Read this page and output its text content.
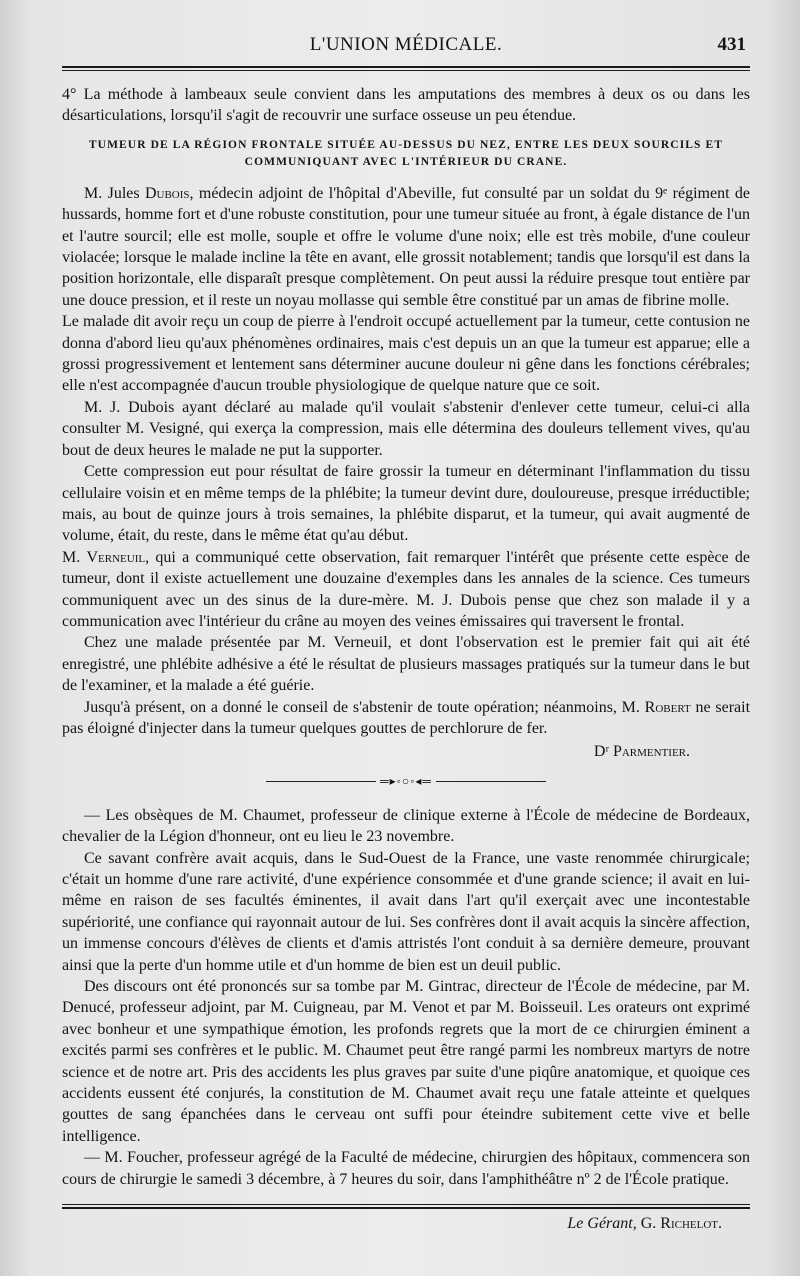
L'UNION MÉDICALE.	431

4° La méthode à lambeaux seule convient dans les amputations des membres à deux os ou dans les désarticulations, lorsqu'il s'agit de recouvrir une surface osseuse un peu étendue.

TUMEUR DE LA RÉGION FRONTALE SITUÉE AU-DESSUS DU NEZ, ENTRE LES DEUX SOURCILS ET COMMUNIQUANT AVEC L'INTÉRIEUR DU CRANE.

M. Jules Dubois, médecin adjoint de l'hôpital d'Abeville, fut consulté par un soldat du 9ᵉ régiment de hussards, homme fort et d'une robuste constitution, pour une tumeur située au front, à égale distance de l'un et l'autre sourcil; elle est molle, souple et offre le volume d'une noix; elle est très mobile, d'une couleur violacée; lorsque le malade incline la tête en avant, elle grossit notablement; tandis que lorsqu'il est dans la position horizontale, elle disparaît presque complètement. On peut aussi la réduire presque tout entière par une douce pression, et il reste un noyau mollasse qui semble être constitué par un amas de fibrine molle.

Le malade dit avoir reçu un coup de pierre à l'endroit occupé actuellement par la tumeur, cette contusion ne donna d'abord lieu qu'aux phénomènes ordinaires, mais c'est depuis un an que la tumeur est apparue; elle a grossi progressivement et lentement sans déterminer aucune douleur ni gêne dans les fonctions cérébrales; elle n'est accompagnée d'aucun trouble physiologique de quelque nature que ce soit.

M. J. Dubois ayant déclaré au malade qu'il voulait s'abstenir d'enlever cette tumeur, celui-ci alla consulter M. Vesigné, qui exerça la compression, mais elle détermina des douleurs tellement vives, qu'au bout de deux heures le malade ne put la supporter.

Cette compression eut pour résultat de faire grossir la tumeur en déterminant l'inflammation du tissu cellulaire voisin et en même temps de la phlébite; la tumeur devint dure, douloureuse, presque irréductible; mais, au bout de quinze jours à trois semaines, la phlébite disparut, et la tumeur, qui avait augmenté de volume, était, du reste, dans le même état qu'au début.

M. Verneuil, qui a communiqué cette observation, fait remarquer l'intérêt que présente cette espèce de tumeur, dont il existe actuellement une douzaine d'exemples dans les annales de la science. Ces tumeurs communiquent avec un des sinus de la dure-mère. M. J. Dubois pense que chez son malade il y a communication avec l'intérieur du crâne au moyen des veines émissaires qui traversent le frontal.

Chez une malade présentée par M. Verneuil, et dont l'observation est le premier fait qui ait été enregistré, une phlébite adhésive a été le résultat de plusieurs massages pratiqués sur la tumeur dans le but de l'examiner, et la malade a été guérie.

Jusqu'à présent, on a donné le conseil de s'abstenir de toute opération; néanmoins, M. Robert ne serait pas éloigné d'injecter dans la tumeur quelques gouttes de perchlorure de fer.

Dʳ Parmentier.
═▸◦○◦◂═

— Les obsèques de M. Chaumet, professeur de clinique externe à l'École de médecine de Bordeaux, chevalier de la Légion d'honneur, ont eu lieu le 23 novembre.

Ce savant confrère avait acquis, dans le Sud-Ouest de la France, une vaste renommée chirurgicale; c'était un homme d'une rare activité, d'une expérience consommée et d'une grande science; il avait en lui-même en raison de ses facultés éminentes, il avait dans l'art qu'il exerçait avec une incontestable supériorité, une confiance qui rayonnait autour de lui. Ses confrères dont il avait acquis la sincère affection, un immense concours d'élèves de clients et d'amis attristés l'ont conduit à sa dernière demeure, prouvant ainsi que la perte d'un homme utile et d'un homme de bien est un deuil public.

Des discours ont été prononcés sur sa tombe par M. Gintrac, directeur de l'École de médecine, par M. Denucé, professeur adjoint, par M. Cuigneau, par M. Venot et par M. Boisseuil. Les orateurs ont exprimé avec bonheur et une sympathique émotion, les profonds regrets que la mort de ce chirurgien éminent a excités parmi ses confrères et le public. M. Chaumet peut être rangé parmi les nombreux martyrs de notre science et de notre art. Pris des accidents les plus graves par suite d'une piqûre anatomique, et quoique ces accidents eussent été conjurés, la constitution de M. Chaumet avait reçu une fatale atteinte et quelques gouttes de sang épanchées dans le cerveau ont suffi pour éteindre subitement cette vive et belle intelligence.

— M. Foucher, professeur agrégé de la Faculté de médecine, chirurgien des hôpitaux, commencera son cours de chirurgie le samedi 3 décembre, à 7 heures du soir, dans l'amphithéâtre nº 2 de l'École pratique.

Le Gérant, G. Richelot.
